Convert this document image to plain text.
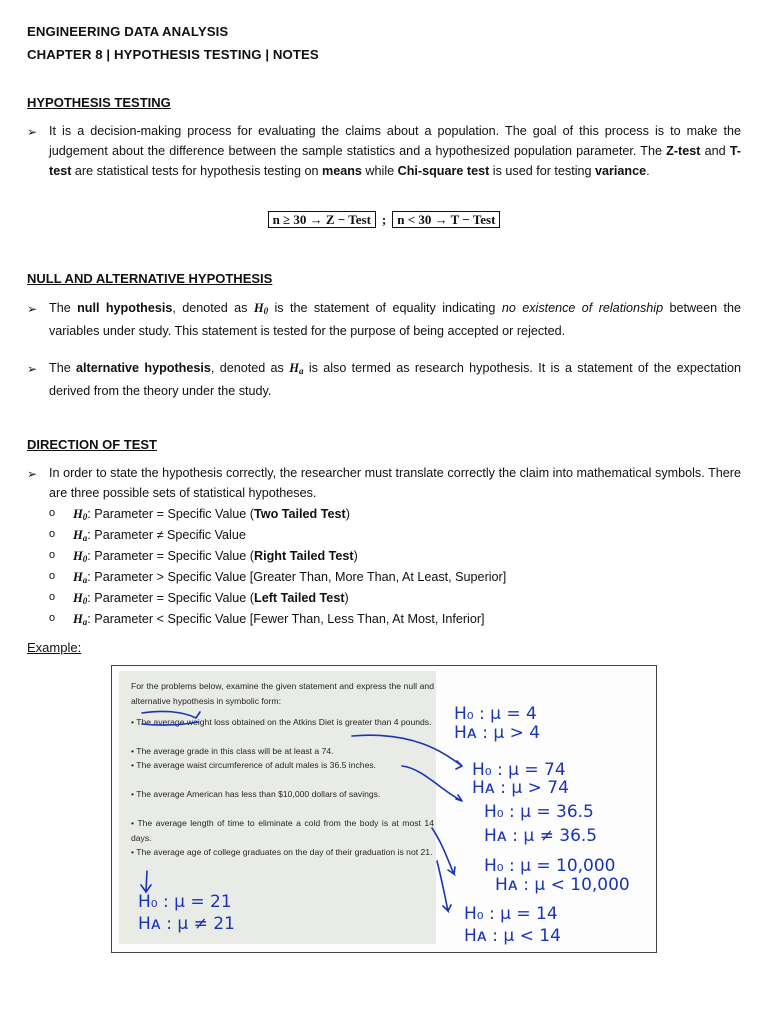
ENGINEERING DATA ANALYSIS
CHAPTER 8 | HYPOTHESIS TESTING | NOTES
HYPOTHESIS TESTING
➢ It is a decision-making process for evaluating the claims about a population. The goal of this process is to make the judgement about the difference between the sample statistics and a hypothesized population parameter. The Z-test and T-test are statistical tests for hypothesis testing on means while Chi-square test is used for testing variance.
n ≥ 30 → Z − Test ; n < 30 → T − Test
NULL AND ALTERNATIVE HYPOTHESIS
➢ The null hypothesis, denoted as $H_0$ is the statement of equality indicating no existence of relationship between the variables under study. This statement is tested for the purpose of being accepted or rejected.
➢ The alternative hypothesis, denoted as $H_a$ is also termed as research hypothesis. It is a statement of the expectation derived from the theory under the study.
DIRECTION OF TEST
➢ In order to state the hypothesis correctly, the researcher must translate correctly the claim into mathematical symbols. There are three possible sets of statistical hypotheses.
o $H_0$: Parameter = Specific Value (Two Tailed Test)
o $H_a$: Parameter ≠ Specific Value
o $H_0$: Parameter = Specific Value (Right Tailed Test)
o $H_a$: Parameter > Specific Value [Greater Than, More Than, At Least, Superior]
o $H_0$: Parameter = Specific Value (Left Tailed Test)
o $H_a$: Parameter < Specific Value [Fewer Than, Less Than, At Most, Inferior]
Example:
For the problems below, examine the given statement and express the null and alternative hypothesis in symbolic form:
• The average weight loss obtained on the Atkins Diet is greater than 4 pounds.
• The average grade in this class will be at least a 74.
• The average waist circumference of adult males is 36.5 inches.
• The average American has less than $10,000 dollars of savings.
• The average length of time to eliminate a cold from the body is at most 14 days.
• The average age of college graduates on the day of their graduation is not 21.
H₀ : μ = 4
Hᴀ : μ > 4
H₀ : μ = 74
Hᴀ : μ > 74
H₀ : μ = 36.5
Hᴀ : μ ≠ 36.5
H₀ : μ = 10,000
Hᴀ : μ < 10,000
H₀ : μ = 14
Hᴀ : μ < 14
H₀ : μ = 21
Hᴀ : μ ≠ 21
